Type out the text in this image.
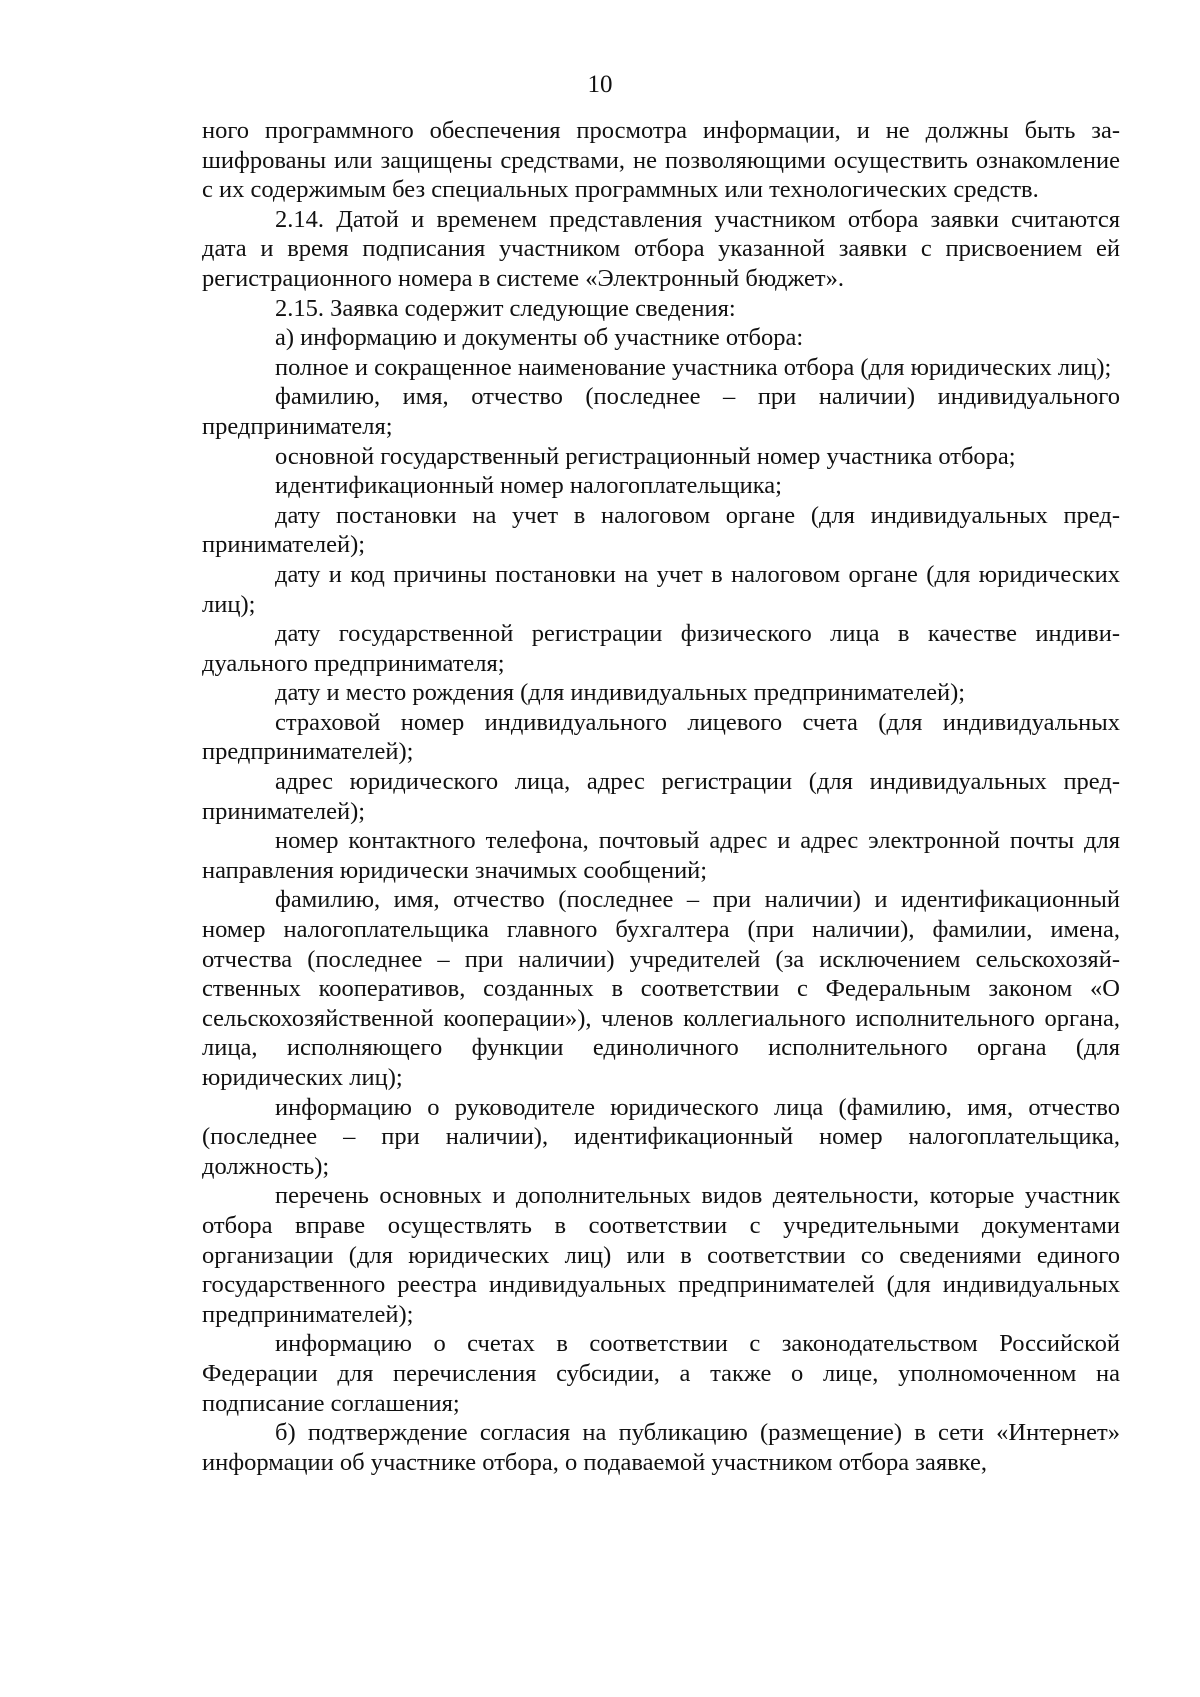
10

ного программного обеспечения просмотра информации, и не должны быть зашифрованы или защищены средствами, не позволяющими осуществить ознакомление с их содержимым без специальных программных или технологических средств.

2.14. Датой и временем представления участником отбора заявки считаются дата и время подписания участником отбора указанной заявки с присвоением ей регистрационного номера в системе «Электронный бюджет».

2.15. Заявка содержит следующие сведения:

а) информацию и документы об участнике отбора:

полное и сокращенное наименование участника отбора (для юридических лиц);

фамилию, имя, отчество (последнее – при наличии) индивидуального предпринимателя;

основной государственный регистрационный номер участника отбора;

идентификационный номер налогоплательщика;

дату постановки на учет в налоговом органе (для индивидуальных предпринимателей);

дату и код причины постановки на учет в налоговом органе (для юридических лиц);

дату государственной регистрации физического лица в качестве индивидуального предпринимателя;

дату и место рождения (для индивидуальных предпринимателей);

страховой номер индивидуального лицевого счета (для индивидуальных предпринимателей);

адрес юридического лица, адрес регистрации (для индивидуальных предпринимателей);

номер контактного телефона, почтовый адрес и адрес электронной почты для направления юридически значимых сообщений;

фамилию, имя, отчество (последнее – при наличии) и идентификационный номер налогоплательщика главного бухгалтера (при наличии), фамилии, имена, отчества (последнее – при наличии) учредителей (за исключением сельскохозяйственных кооперативов, созданных в соответствии с Федеральным законом «О сельскохозяйственной кооперации»), членов коллегиального исполнительного органа, лица, исполняющего функции единоличного исполнительного органа (для юридических лиц);

информацию о руководителе юридического лица (фамилию, имя, отчество (последнее – при наличии), идентификационный номер налогоплательщика, должность);

перечень основных и дополнительных видов деятельности, которые участник отбора вправе осуществлять в соответствии с учредительными документами организации (для юридических лиц) или в соответствии со сведениями единого государственного реестра индивидуальных предпринимателей (для индивидуальных предпринимателей);

информацию о счетах в соответствии с законодательством Российской Федерации для перечисления субсидии, а также о лице, уполномоченном на подписание соглашения;

б) подтверждение согласия на публикацию (размещение) в сети «Интернет» информации об участнике отбора, о подаваемой участником отбора заявке,
